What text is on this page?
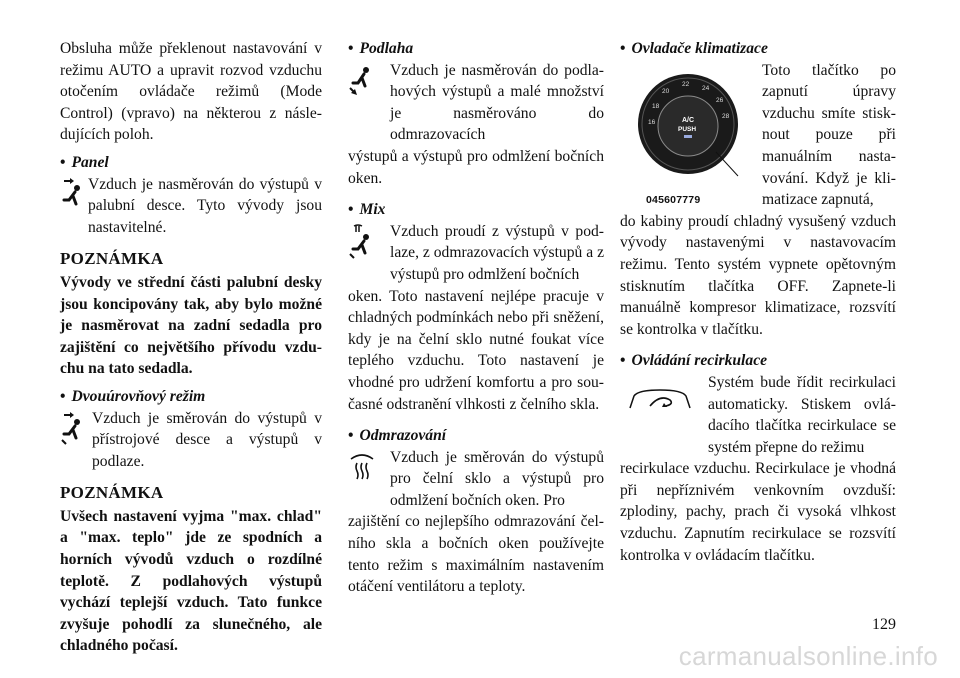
Obsluha může překlenout nastavování v režimu AUTO a upravit rozvod vzduchu otočením ovládače režimů (Mode Control) (vpravo) na některou z následujících poloh.

• Panel

Vzduch je nasměrován do výstupů v palubní desce. Tyto vývody jsou nastavitelné.

POZNÁMKA

Vývody ve střední části palubní desky jsou koncipovány tak, aby bylo možné je nasměrovat na zadní sedadla pro zajištění co největšího přívodu vzduchu na tato sedadla.

• Dvouúrovňový režim

Vzduch je směrován do výstupů v přístrojové desce a výstupů v podlaze.

POZNÁMKA

Uvšech nastavení vyjma "max. chlad" a "max. teplo" jde ze spodních a horních vývodů vzduch o rozdílné teplotě. Z podlahových výstupů vychází teplejší vzduch. Tato funkce zvyšuje pohodlí za slunečného, ale chladného počasí.

• Podlaha

Vzduch je nasměrován do podlahových výstupů a malé množství je nasměrováno do odmrazovacích

výstupů a výstupů pro odmlžení bočních oken.

• Mix

Vzduch proudí z výstupů v podlaze, z odmrazovacích výstupů a z výstupů pro odmlžení bočních

oken. Toto nastavení nejlépe pracuje v chladných podmínkách nebo při sněžení, kdy je na čelní sklo nutné foukat více teplého vzduchu. Toto nastavení je vhodné pro udržení komfortu a pro současné odstranění vlhkosti z čelního skla.

• Odmrazování

Vzduch je směrován do výstupů pro čelní sklo a výstupů pro odmlžení bočních oken. Pro

zajištění co nejlepšího odmrazování čelního skla a bočních oken používejte tento režim s maximálním nastavením otáčení ventilátoru a teploty.

• Ovladače klimatizace
16
18
20
22
24
26
28
A/C
PUSH
045607779

Toto tlačítko po zapnutí úpravy vzduchu smíte stisknout pouze při manuálním nastavování. Když je klimatizace zapnutá,

do kabiny proudí chladný vysušený vzduch vývody nastavenými v nastavovacím režimu. Tento systém vypnete opětovným stisknutím tlačítka OFF. Zapnete-li manuálně kompresor klimatizace, rozsvítí se kontrolka v tlačítku.

• Ovládání recirkulace

Systém bude řídit recirkulaci automaticky. Stiskem ovládacího tlačítka recirkulace se systém přepne do režimu

recirkulace vzduchu. Recirkulace je vhodná při nepříznivém venkovním ovzduší: zplodiny, pachy, prach či vysoká vlhkost vzduchu. Zapnutím recirkulace se rozsvítí kontrolka v ovládacím tlačítku.

129
carmanualsonline.info
